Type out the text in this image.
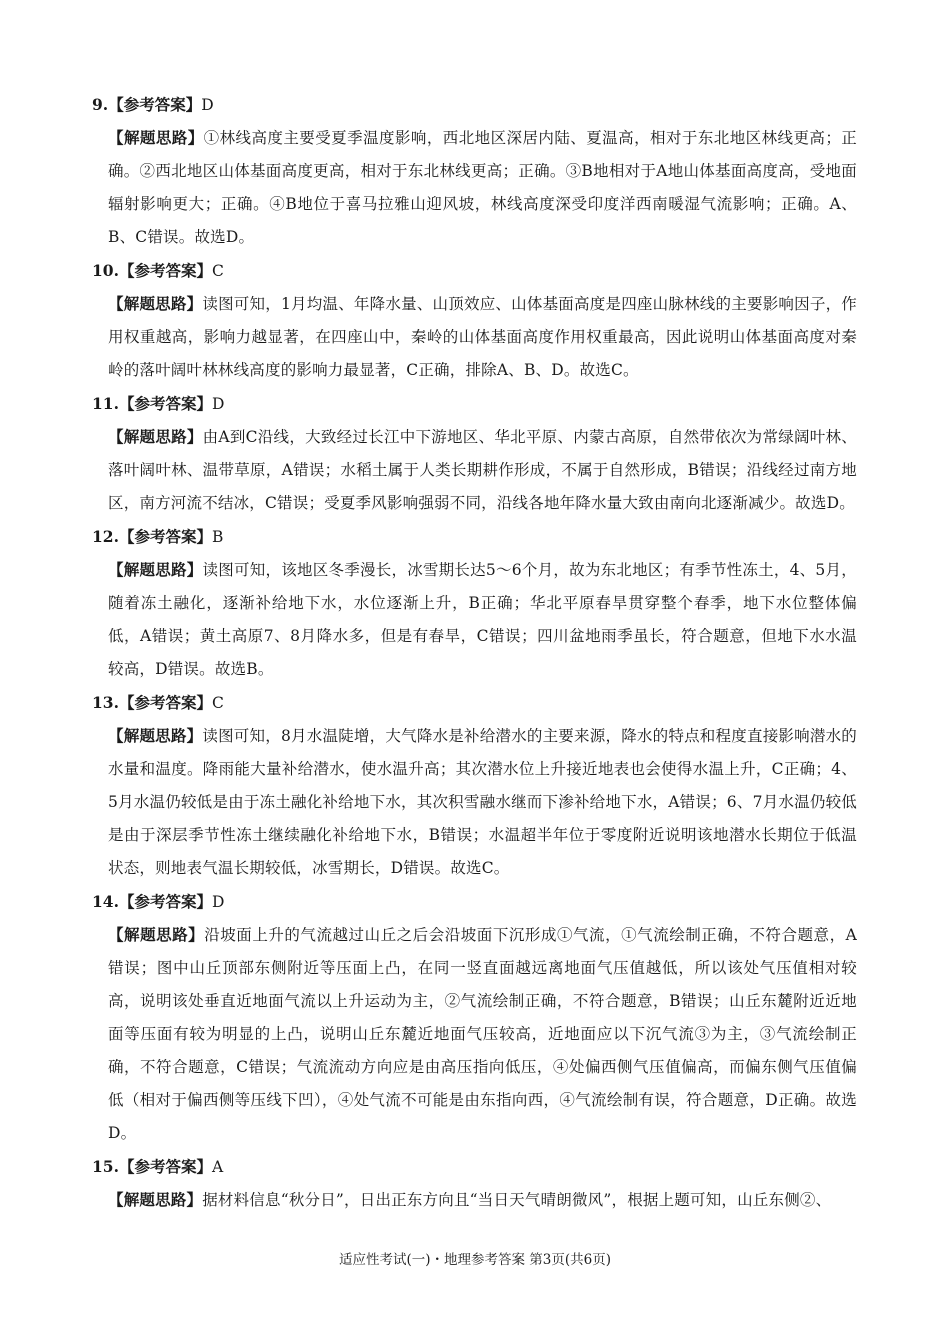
9.【参考答案】D
【解题思路】①林线高度主要受夏季温度影响，西北地区深居内陆、夏温高，相对于东北地区林线更高；正确。②西北地区山体基面高度更高，相对于东北林线更高；正确。③B地相对于A地山体基面高度高，受地面辐射影响更大；正确。④B地位于喜马拉雅山迎风坡，林线高度深受印度洋西南暖湿气流影响；正确。A、B、C错误。故选D。
10.【参考答案】C
【解题思路】读图可知，1月均温、年降水量、山顶效应、山体基面高度是四座山脉林线的主要影响因子，作用权重越高，影响力越显著，在四座山中，秦岭的山体基面高度作用权重最高，因此说明山体基面高度对秦岭的落叶阔叶林林线高度的影响力最显著，C正确，排除A、B、D。故选C。
11.【参考答案】D
【解题思路】由A到C沿线，大致经过长江中下游地区、华北平原、内蒙古高原，自然带依次为常绿阔叶林、落叶阔叶林、温带草原，A错误；水稻土属于人类长期耕作形成，不属于自然形成，B错误；沿线经过南方地区，南方河流不结冰，C错误；受夏季风影响强弱不同，沿线各地年降水量大致由南向北逐渐减少。故选D。
12.【参考答案】B
【解题思路】读图可知，该地区冬季漫长，冰雪期长达5～6个月，故为东北地区；有季节性冻土，4、5月，随着冻土融化，逐渐补给地下水，水位逐渐上升，B正确；华北平原春旱贯穿整个春季，地下水位整体偏低，A错误；黄土高原7、8月降水多，但是有春旱，C错误；四川盆地雨季虽长，符合题意，但地下水水温较高，D错误。故选B。
13.【参考答案】C
【解题思路】读图可知，8月水温陡增，大气降水是补给潜水的主要来源，降水的特点和程度直接影响潜水的水量和温度。降雨能大量补给潜水，使水温升高；其次潜水位上升接近地表也会使得水温上升，C正确；4、5月水温仍较低是由于冻土融化补给地下水，其次积雪融水继而下渗补给地下水，A错误；6、7月水温仍较低是由于深层季节性冻土继续融化补给地下水，B错误；水温超半年位于零度附近说明该地潜水长期位于低温状态，则地表气温长期较低，冰雪期长，D错误。故选C。
14.【参考答案】D
【解题思路】沿坡面上升的气流越过山丘之后会沿坡面下沉形成①气流，①气流绘制正确，不符合题意，A错误；图中山丘顶部东侧附近等压面上凸，在同一竖直面越远离地面气压值越低，所以该处气压值相对较高，说明该处垂直近地面气流以上升运动为主，②气流绘制正确，不符合题意，B错误；山丘东麓附近近地面等压面有较为明显的上凸，说明山丘东麓近地面气压较高，近地面应以下沉气流③为主，③气流绘制正确，不符合题意，C错误；气流流动方向应是由高压指向低压，④处偏西侧气压值偏高，而偏东侧气压值偏低（相对于偏西侧等压线下凹），④处气流不可能是由东指向西，④气流绘制有误，符合题意，D正确。故选D。
15.【参考答案】A
【解题思路】据材料信息“秋分日”，日出正东方向且“当日天气晴朗微风”，根据上题可知，山丘东侧②、
适应性考试(一)・地理参考答案 第3页(共6页)
